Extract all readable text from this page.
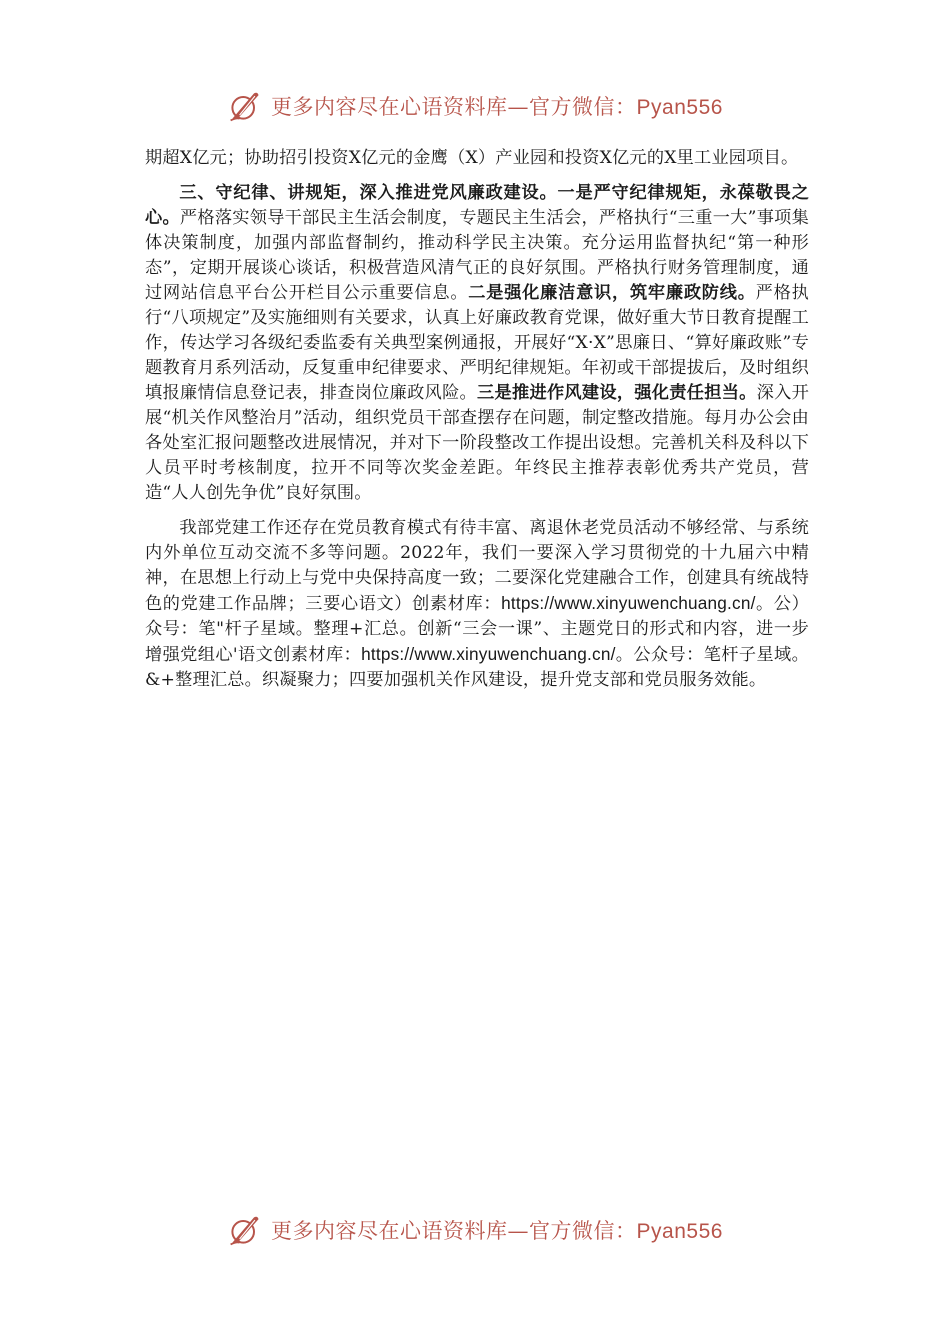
更多内容尽在心语资料库—官方微信：Pyan556

期超X亿元；协助招引投资X亿元的金鹰（X）产业园和投资X亿元的X里工业园项目。

三、守纪律、讲规矩，深入推进党风廉政建设。一是严守纪律规矩，永葆敬畏之心。严格落实领导干部民主生活会制度，专题民主生活会，严格执行“三重一大”事项集体决策制度，加强内部监督制约，推动科学民主决策。充分运用监督执纪“第一种形态”，定期开展谈心谈话，积极营造风清气正的良好氛围。严格执行财务管理制度，通过网站信息平台公开栏目公示重要信息。二是强化廉洁意识，筑牢廉政防线。严格执行“八项规定”及实施细则有关要求，认真上好廉政教育党课，做好重大节日教育提醒工作，传达学习各级纪委监委有关典型案例通报，开展好“X·X”思廉日、“算好廉政账”专题教育月系列活动，反复重申纪律要求、严明纪律规矩。年初或干部提拔后，及时组织填报廉情信息登记表，排查岗位廉政风险。三是推进作风建设，强化责任担当。深入开展“机关作风整治月”活动，组织党员干部查摆存在问题，制定整改措施。每月办公会由各处室汇报问题整改进展情况，并对下一阶段整改工作提出设想。完善机关科及科以下人员平时考核制度，拉开不同等次奖金差距。年终民主推荐表彰优秀共产党员，营造“人人创先争优”良好氛围。

我部党建工作还存在党员教育模式有待丰富、离退休老党员活动不够经常、与系统内外单位互动交流不多等问题。2022年，我们一要深入学习贯彻党的十九届六中精神，在思想上行动上与党中央保持高度一致；二要深化党建融合工作，创建具有统战特色的党建工作品牌；三要心语文）创素材库：https://www.xinyuwenchuang.cn/。公）众号：笔"杆子星域。整理+汇总。创新“三会一课”、主题党日的形式和内容，进一步增强党组心'语文创素材库：https://www.xinyuwenchuang.cn/。公众号：笔杆子星域。&+整理汇总。织凝聚力；四要加强机关作风建设，提升党支部和党员服务效能。

更多内容尽在心语资料库—官方微信：Pyan556
